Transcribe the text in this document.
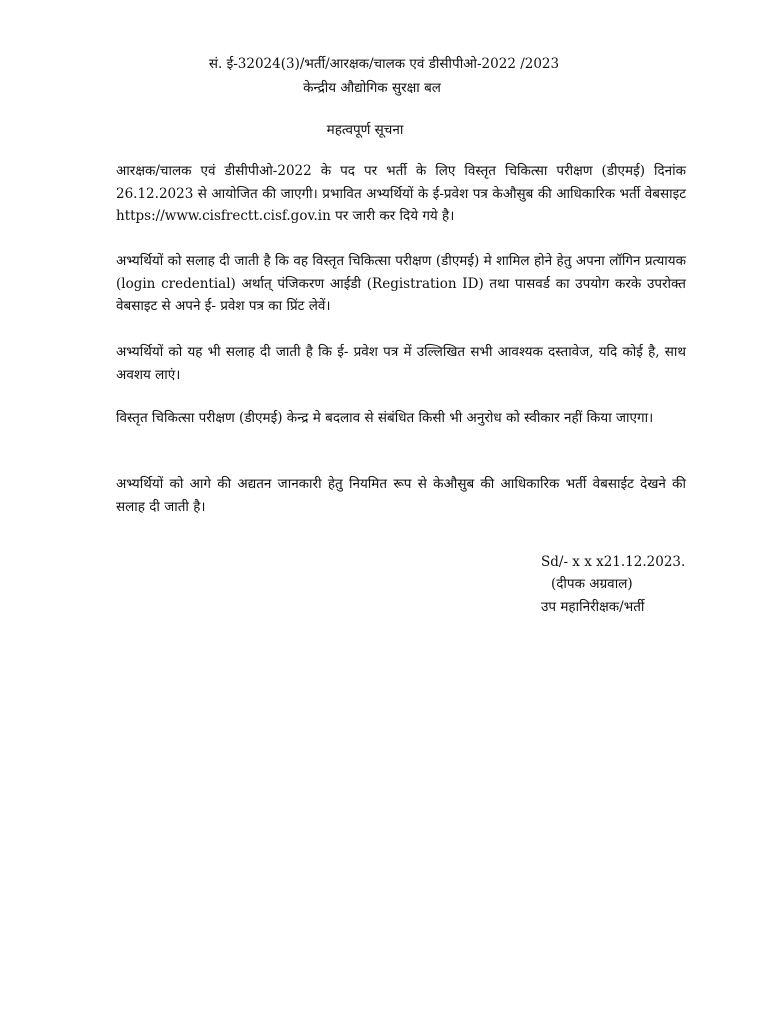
सं. ई-32024(3)/भर्ती/आरक्षक/चालक एवं डीसीपीओ-2022 /2023
केन्द्रीय औद्योगिक सुरक्षा बल
महत्वपूर्ण सूचना

आरक्षक/चालक एवं डीसीपीओ-2022 के पद पर भर्ती के लिए विस्तृत चिकित्सा परीक्षण (डीएमई) दिनांक 26.12.2023 से आयोजित की जाएगी। प्रभावित अभ्यर्थियों के ई-प्रवेश पत्र केऔसुब की आधिकारिक भर्ती वेबसाइट https://www.cisfrectt.cisf.gov.in पर जारी कर दिये गये है।

अभ्यर्थियों को सलाह दी जाती है कि वह विस्तृत चिकित्सा परीक्षण (डीएमई) मे शामिल होने हेतु अपना लॉगिन प्रत्यायक (login credential) अर्थात् पंजिकरण आईडी (Registration ID) तथा पासवर्ड का उपयोग करके उपरोक्त वेबसाइट से अपने ई- प्रवेश पत्र का प्रिंट लेवें।

अभ्यर्थियों को यह भी सलाह दी जाती है कि ई- प्रवेश पत्र में उल्लिखित सभी आवश्यक दस्तावेज, यदि कोई है, साथ अवशय लाएं।

विस्तृत चिकित्सा परीक्षण (डीएमई) केन्द्र मे बदलाव से संबंधित किसी भी अनुरोध को स्वीकार नहीं किया जाएगा।

अभ्यर्थियों को आगे की अद्यतन जानकारी हेतु नियमित रूप से केऔसुब की आधिकारिक भर्ती वेबसाईट देखने की सलाह दी जाती है।

Sd/- x x x21.12.2023.
(दीपक अग्रवाल)
उप महानिरीक्षक/भर्ती
